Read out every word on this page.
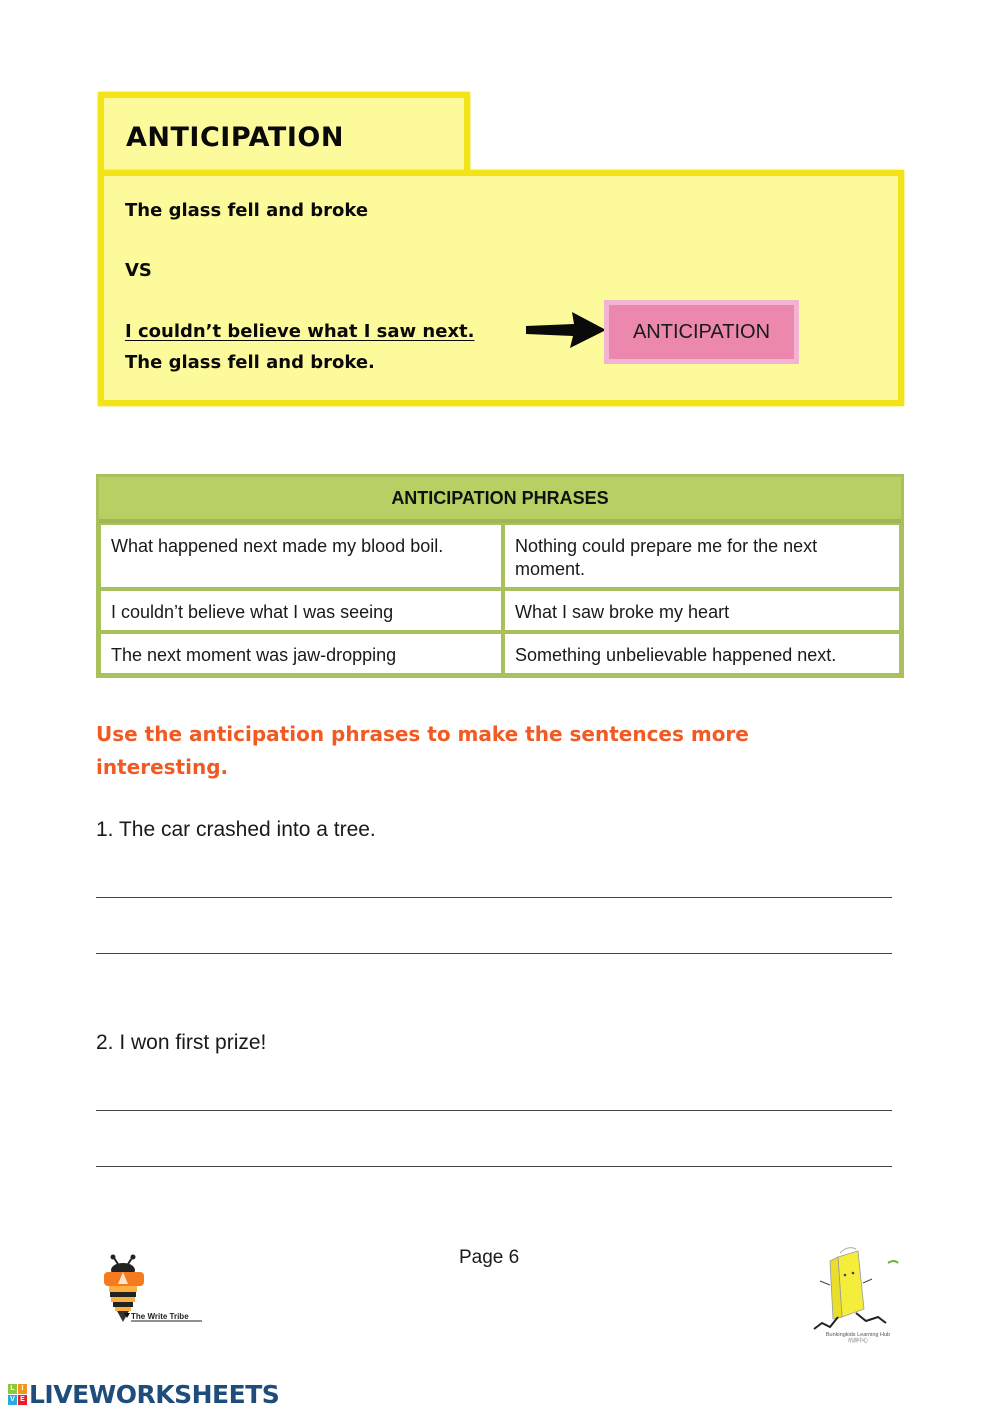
ANTICIPATION
The glass fell and broke
VS
I couldn’t believe what I saw next.
The glass fell and broke.
ANTICIPATION
ANTICIPATION PHRASES	
What happened next made my blood boil.	Nothing could prepare me for the next moment.
I couldn’t believe what I was seeing	What I saw broke my heart
The next moment was jaw-dropping	Something unbelievable happened next.
Use the anticipation phrases to make the sentences more interesting.
1. The car crashed into a tree.
2. I won first prize!
Page 6
The Write Tribe
Bunkingkids Learning Hub
培訓中心
L I
V E LIVEWORKSHEETS
